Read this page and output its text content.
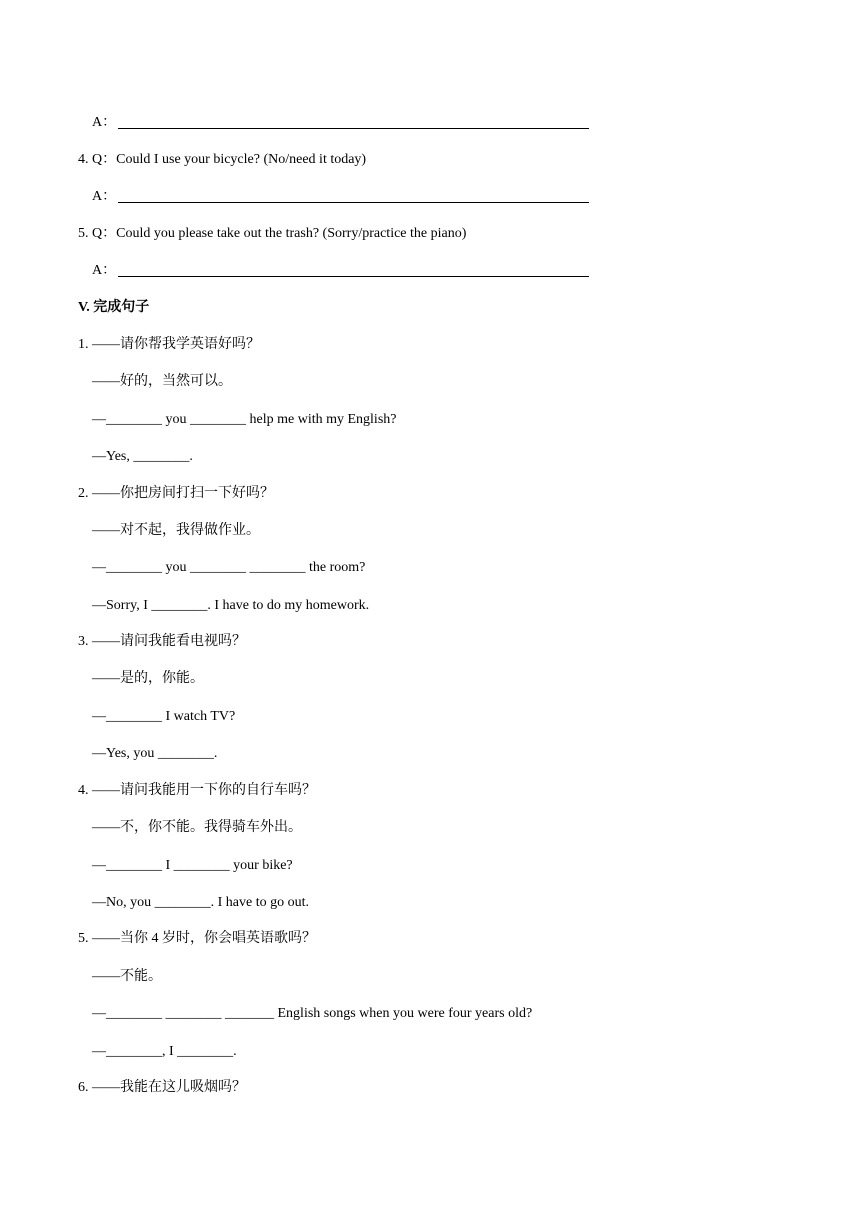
A：
4. Q：Could I use your bicycle? (No/need it today)
A：
5. Q：Could you please take out the trash? (Sorry/practice the piano)
A：
V. 完成句子
1. ——请你帮我学英语好吗？
——好的，当然可以。
—________ you ________ help me with my English?
—Yes, ________.
2. ——你把房间打扫一下好吗？
——对不起，我得做作业。
—________ you ________ ________ the room?
—Sorry, I ________. I have to do my homework.
3. ——请问我能看电视吗？
——是的，你能。
—________ I watch TV?
—Yes, you ________.
4. ——请问我能用一下你的自行车吗？
——不，你不能。我得骑车外出。
—________ I ________ your bike?
—No, you ________. I have to go out.
5. ——当你 4 岁时，你会唱英语歌吗？
——不能。
—________ ________ _______ English songs when you were four years old?
—________, I ________.
6. ——我能在这儿吸烟吗？
